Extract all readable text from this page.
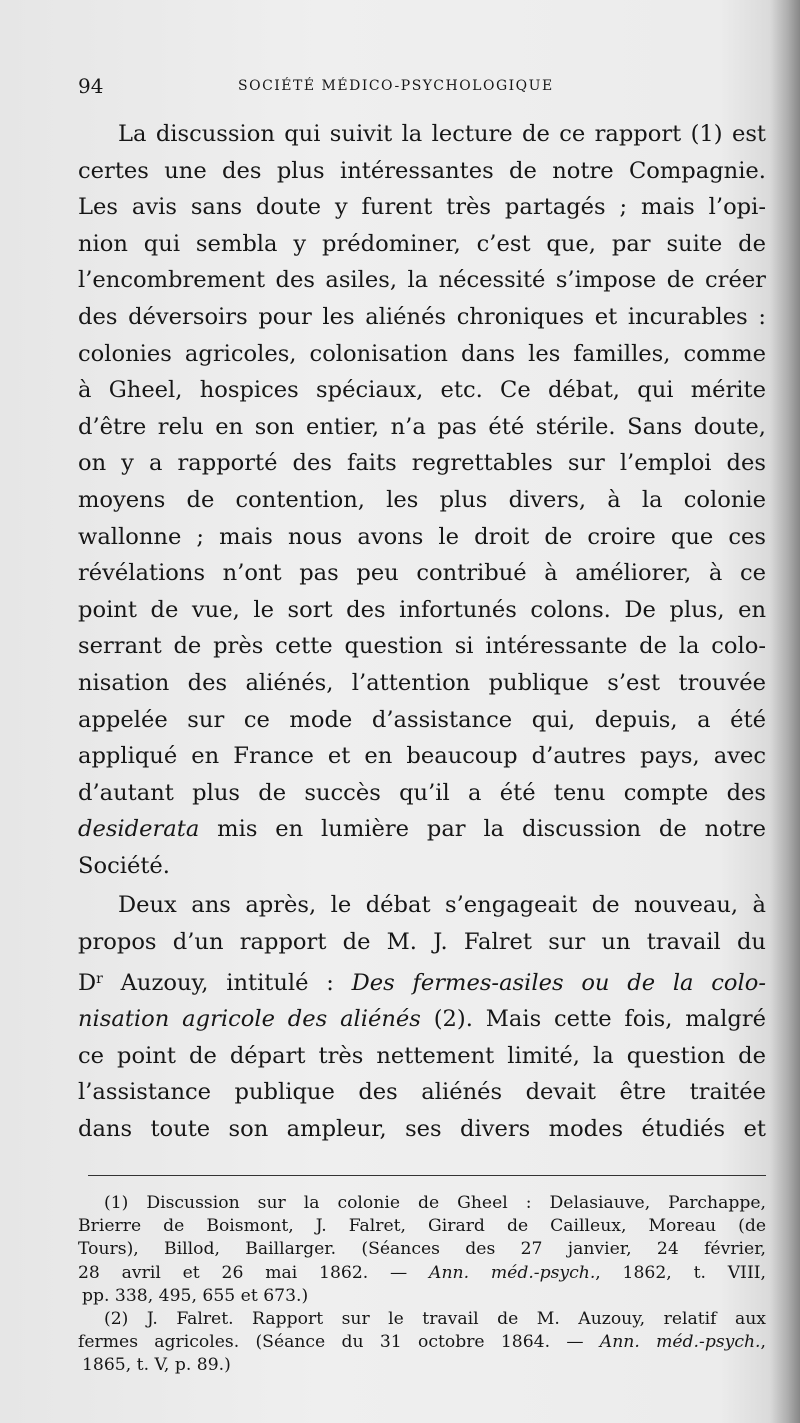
94	SOCIÉTÉ MÉDICO-PSYCHOLOGIQUE
La discussion qui suivit la lecture de ce rapport (1) est
certes une des plus intéressantes de notre Compagnie.
Les avis sans doute y furent très partagés ; mais l’opi-
nion qui sembla y prédominer, c’est que, par suite de
l’encombrement des asiles, la nécessité s’impose de créer
des déversoirs pour les aliénés chroniques et incurables :
colonies agricoles, colonisation dans les familles, comme
à Gheel, hospices spéciaux, etc. Ce débat, qui mérite
d’être relu en son entier, n’a pas été stérile. Sans doute,
on y a rapporté des faits regrettables sur l’emploi des
moyens de contention, les plus divers, à la colonie
wallonne ; mais nous avons le droit de croire que ces
révélations n’ont pas peu contribué à améliorer, à ce
point de vue, le sort des infortunés colons. De plus, en
serrant de près cette question si intéressante de la colo-
nisation des aliénés, l’attention publique s’est trouvée
appelée sur ce mode d’assistance qui, depuis, a été
appliqué en France et en beaucoup d’autres pays, avec
d’autant plus de succès qu’il a été tenu compte des
desiderata mis en lumière par la discussion de notre
Société.
Deux ans après, le débat s’engageait de nouveau, à
propos d’un rapport de M. J. Falret sur un travail du
$D^r$ Auzouy, intitulé : Des fermes-asiles ou de la colo-
nisation agricole des aliénés (2). Mais cette fois, malgré
ce point de départ très nettement limité, la question de
l’assistance publique des aliénés devait être traitée
dans toute son ampleur, ses divers modes étudiés et
(1) Discussion sur la colonie de Gheel : Delasiauve, Parchappe,
Brierre de Boismont, J. Falret, Girard de Cailleux, Moreau (de
Tours), Billod, Baillarger. (Séances des 27 janvier, 24 février,
28 avril et 26 mai 1862. — Ann. méd.-psych., 1862, t. VIII,
pp. 338, 495, 655 et 673.)
(2) J. Falret. Rapport sur le travail de M. Auzouy, relatif aux
fermes agricoles. (Séance du 31 octobre 1864. — Ann. méd.-psych.,
1865, t. V, p. 89.)
